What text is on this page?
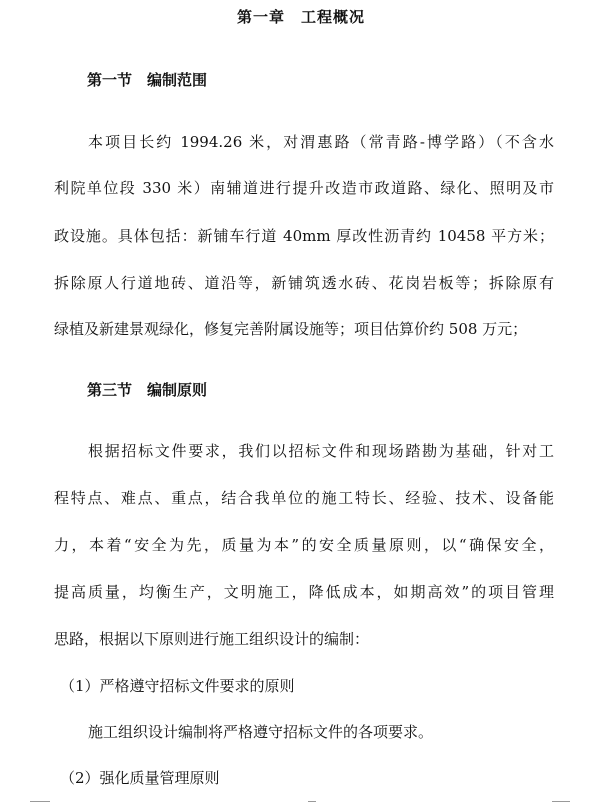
第一章　工程概况
第一节　编制范围
本项目长约 1994.26 米，对渭惠路（常青路-博学路）（不含水
利院单位段 330 米）南辅道进行提升改造市政道路、绿化、照明及市
政设施。具体包括：新铺车行道 40mm 厚改性沥青约 10458 平方米；
拆除原人行道地砖、道沿等，新铺筑透水砖、花岗岩板等；拆除原有
绿植及新建景观绿化，修复完善附属设施等；项目估算价约 508 万元；
第三节　编制原则
根据招标文件要求，我们以招标文件和现场踏勘为基础，针对工
程特点、难点、重点，结合我单位的施工特长、经验、技术、设备能
力，本着“安全为先，质量为本”的安全质量原则，以“确保安全，
提高质量，均衡生产，文明施工，降低成本，如期高效”的项目管理
思路，根据以下原则进行施工组织设计的编制：
（1）严格遵守招标文件要求的原则
施工组织设计编制将严格遵守招标文件的各项要求。
（2）强化质量管理原则
